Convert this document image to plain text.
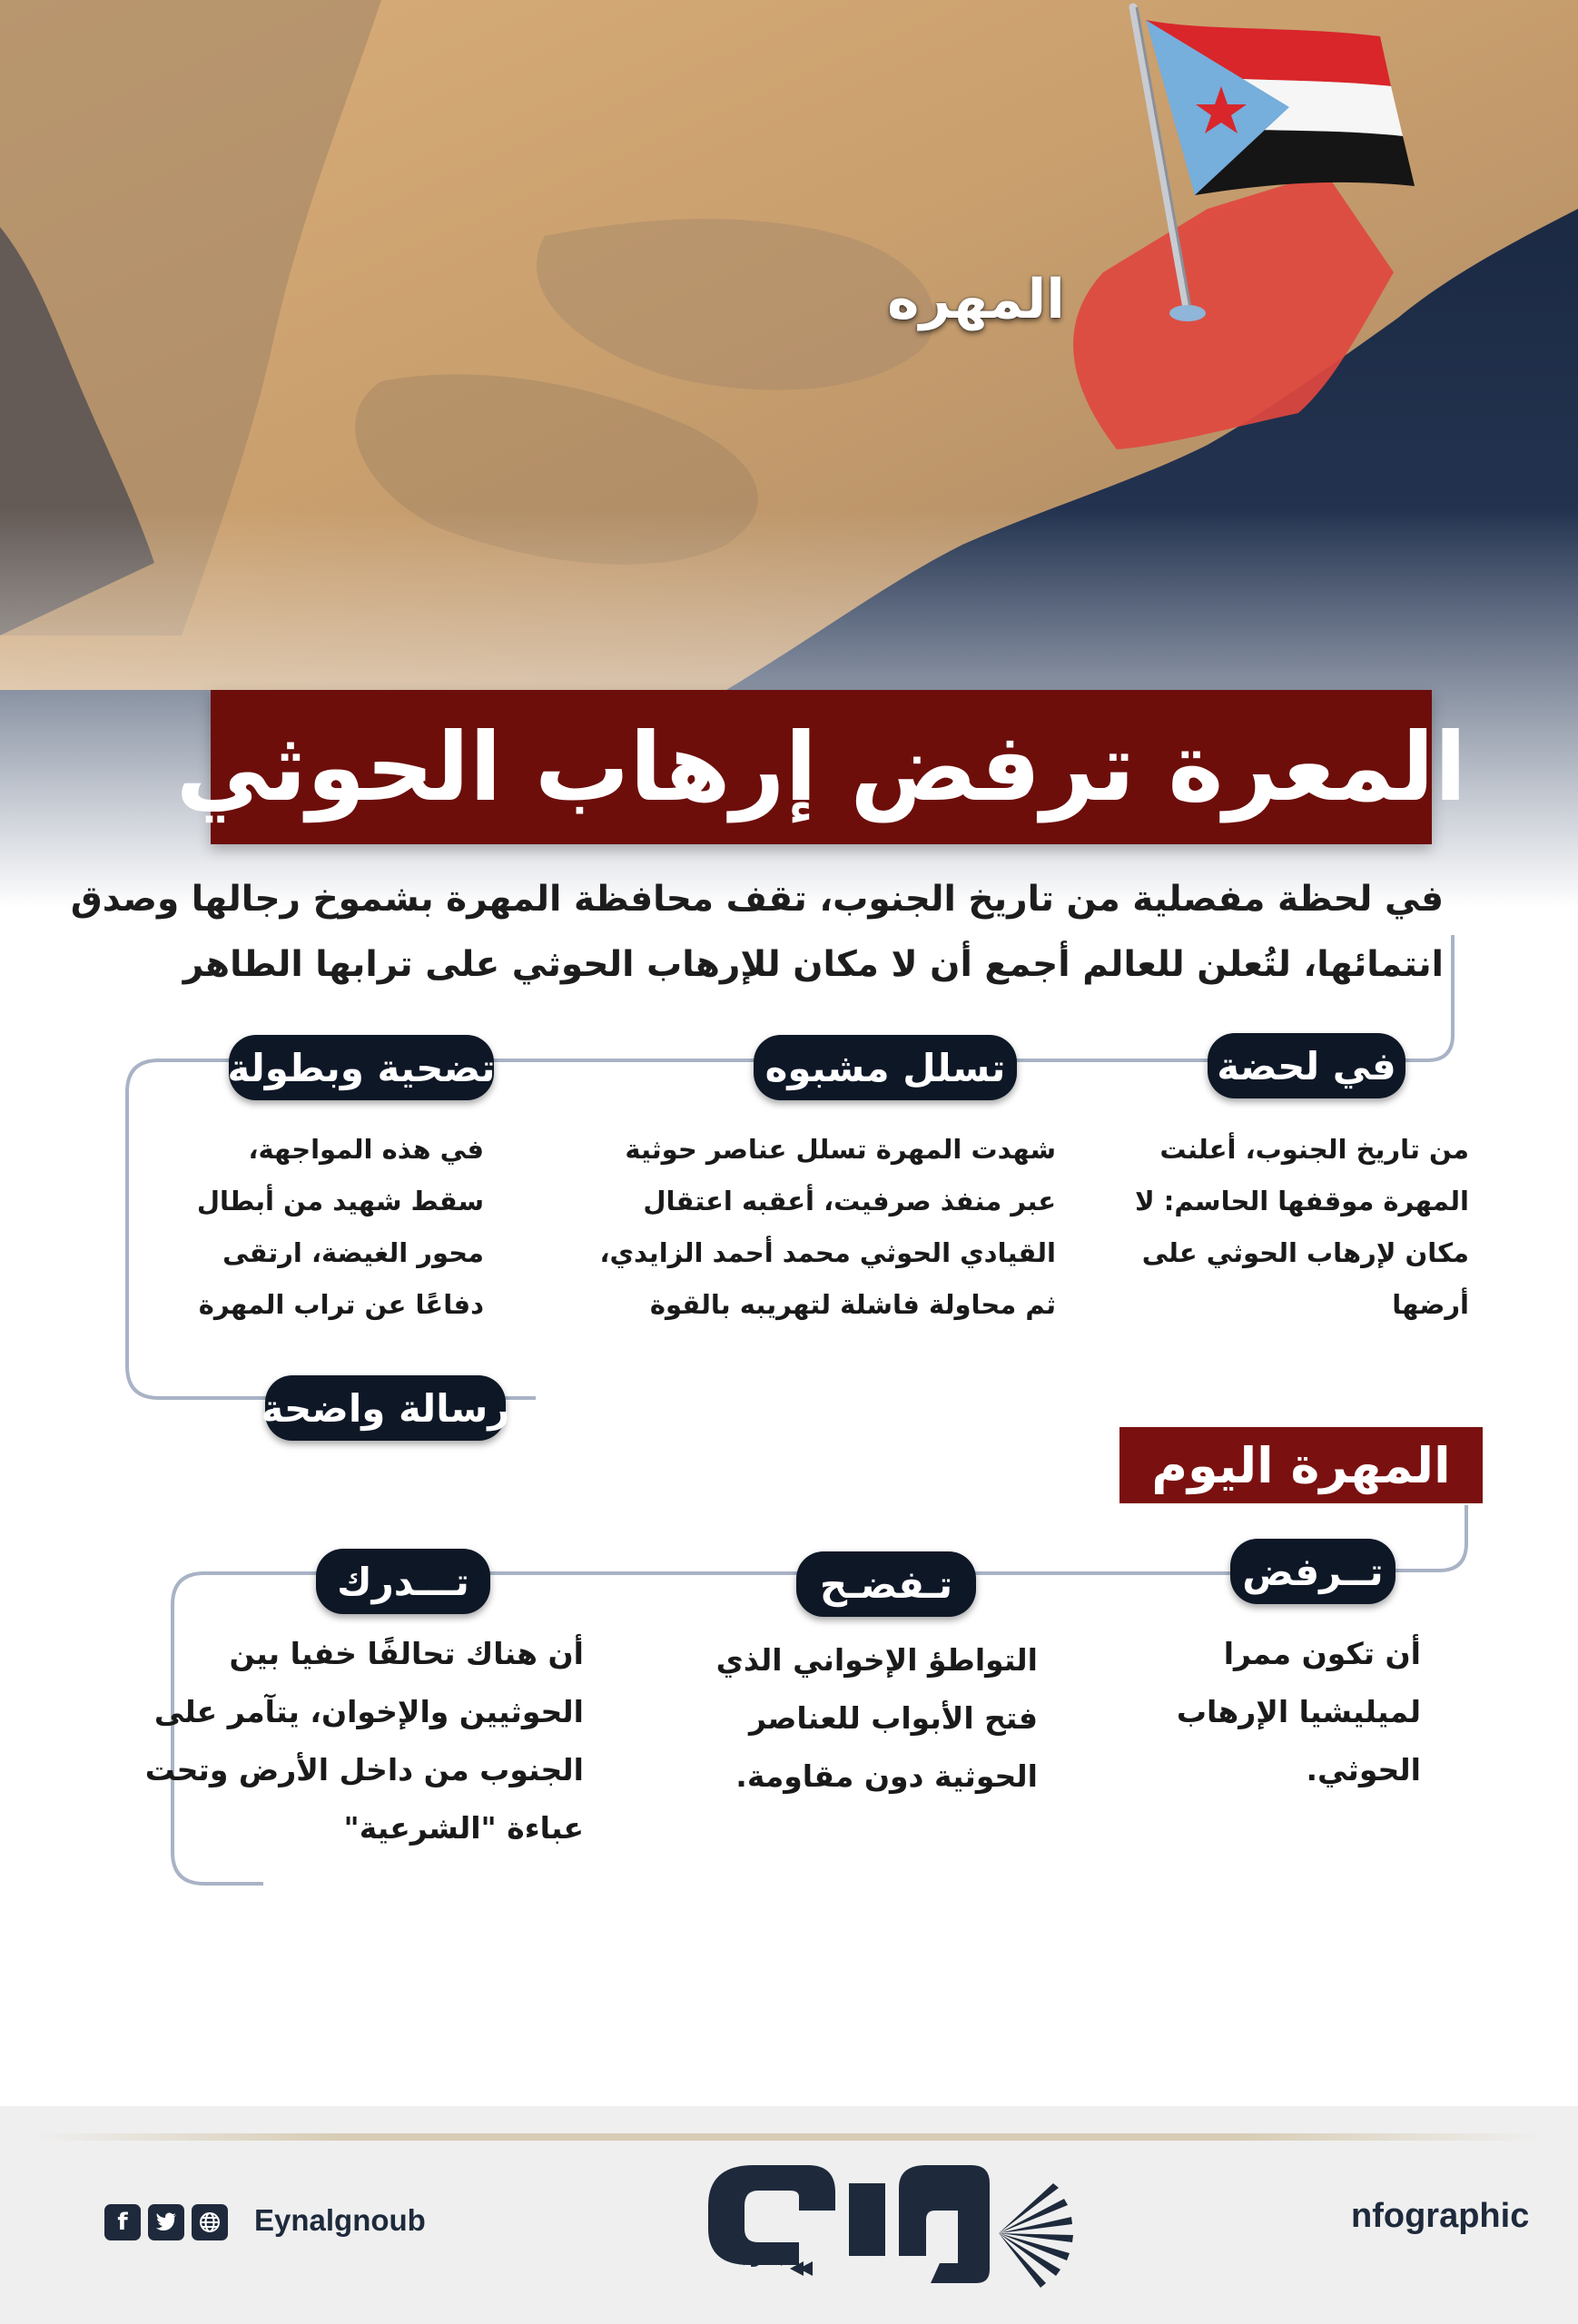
المهره
المعرة ترفض إرهاب الحوثي
في لحظة مفصلية من تاريخ الجنوب، تقف محافظة المهرة بشموخ رجالها وصدق
انتمائها، لتُعلن للعالم أجمع أن لا مكان للإرهاب الحوثي على ترابها الطاهر
في لحضة
تسلل مشبوه
تضحية وبطولة
من تاريخ الجنوب، أعلنت
المهرة موقفها الحاسم: لا
مكان لإرهاب الحوثي على
أرضها
شهدت المهرة تسلل عناصر حوثية
عبر منفذ صرفيت، أعقبه اعتقال
القيادي الحوثي محمد أحمد الزايدي،
ثم محاولة فاشلة لتهريبه بالقوة
في هذه المواجهة،
سقط شهيد من أبطال
محور الغيضة، ارتقى
دفاعًا عن تراب المهرة
رسالة واضحة
المهرة اليوم
تــرفض
تـفضـح
تـــدرك
أن تكون ممرا
لميليشيا الإرهاب
الحوثي.
التواطؤ الإخواني الذي
فتح الأبواب للعناصر
الحوثية دون مقاومة.
أن هناك تحالفًا خفيا بين
الحوثيين والإخوان، يتآمر على
الجنوب من داخل الأرض وتحت
عباءة "الشرعية"
f	Eynalgnoub
الجنــوب
nfographic
